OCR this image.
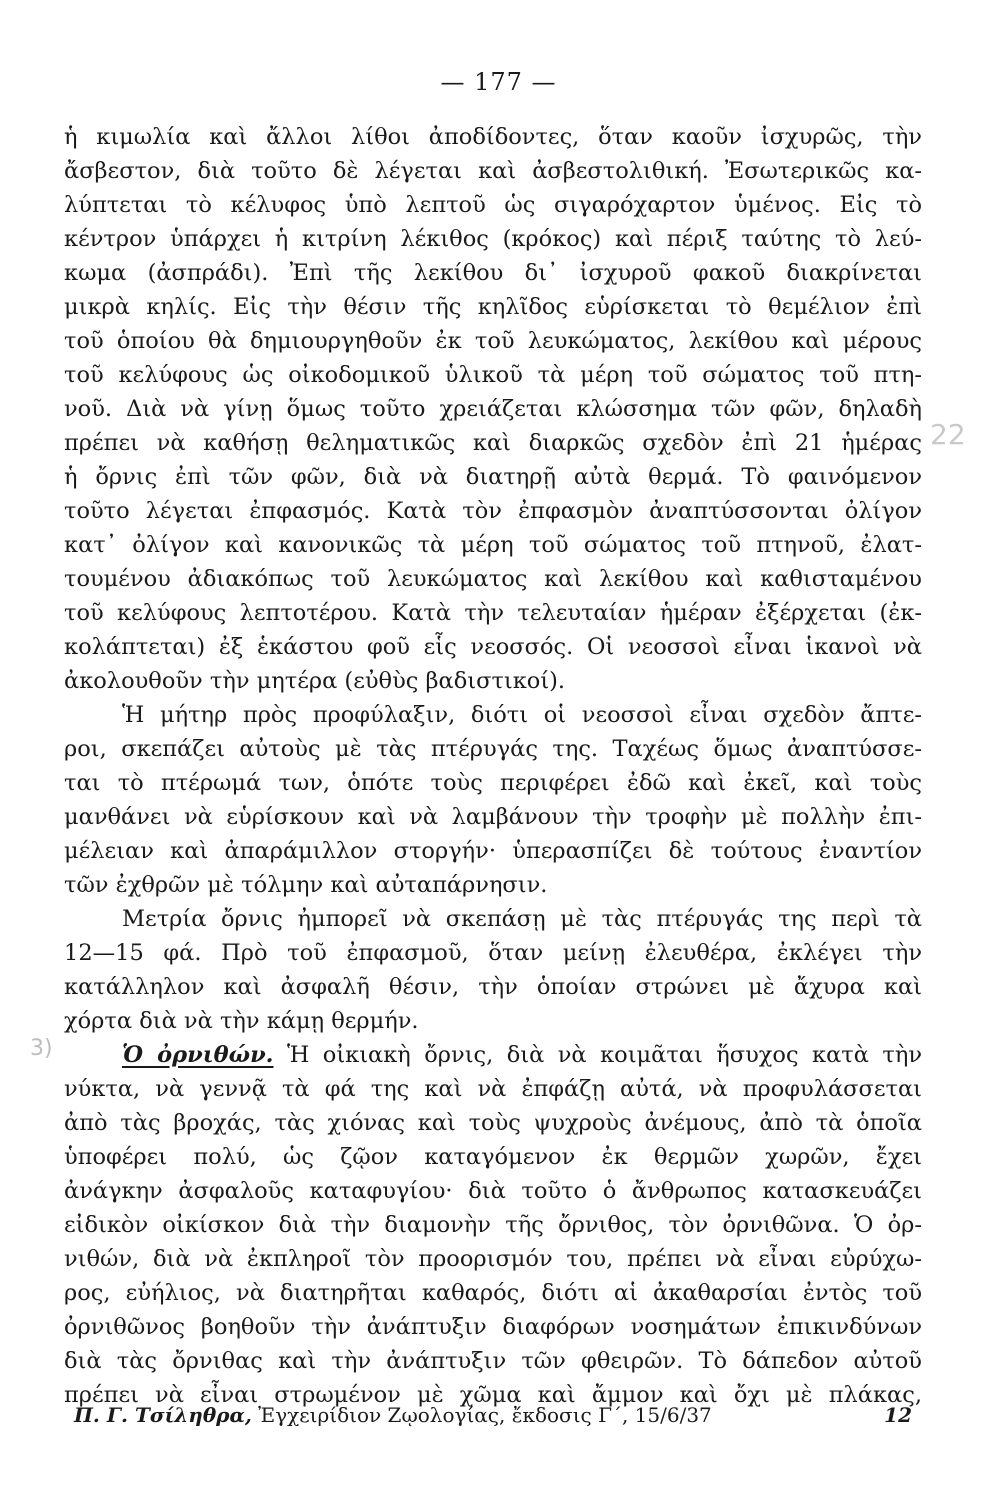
— 177 —
ἡ κιμωλία καὶ ἄλλοι λίθοι ἀποδίδοντες, ὅταν καοῦν ἰσχυρῶς, τὴν
ἄσβεστον, διὰ τοῦτο δὲ λέγεται καὶ ἀσβεστολιθική. Ἐσωτερικῶς κα-
λύπτεται τὸ κέλυφος ὑπὸ λεπτοῦ ὡς σιγαρόχαρτον ὑμένος. Εἰς τὸ
κέντρον ὑπάρχει ἡ κιτρίνη λέκιθος (κρόκος) καὶ πέριξ ταύτης τὸ λεύ-
κωμα (ἀσπράδι). Ἐπὶ τῆς λεκίθου δι᾽ ἰσχυροῦ φακοῦ διακρίνεται
μικρὰ κηλίς. Εἰς τὴν θέσιν τῆς κηλῖδος εὑρίσκεται τὸ θεμέλιον ἐπὶ
τοῦ ὁποίου θὰ δημιουργηθοῦν ἐκ τοῦ λευκώματος, λεκίθου καὶ μέρους
τοῦ κελύφους ὡς οἰκοδομικοῦ ὑλικοῦ τὰ μέρη τοῦ σώματος τοῦ πτη-
νοῦ. Διὰ νὰ γίνῃ ὅμως τοῦτο χρειάζεται κλώσσημα τῶν φῶν, δηλαδὴ
πρέπει νὰ καθήσῃ θεληματικῶς καὶ διαρκῶς σχεδὸν ἐπὶ 21 ἡμέρας
ἡ ὄρνις ἐπὶ τῶν φῶν, διὰ νὰ διατηρῇ αὐτὰ θερμά. Τὸ φαινόμενον
τοῦτο λέγεται ἐπφασμός. Κατὰ τὸν ἐπφασμὸν ἀναπτύσσονται ὀλίγον
κατ᾽ ὀλίγον καὶ κανονικῶς τὰ μέρη τοῦ σώματος τοῦ πτηνοῦ, ἐλατ-
τουμένου ἀδιακόπως τοῦ λευκώματος καὶ λεκίθου καὶ καθισταμένου
τοῦ κελύφους λεπτοτέρου. Κατὰ τὴν τελευταίαν ἡμέραν ἐξέρχεται (ἐκ-
κολάπτεται) ἐξ ἑκάστου φοῦ εἷς νεοσσός. Οἱ νεοσσοὶ εἶναι ἱκανοὶ νὰ
ἀκολουθοῦν τὴν μητέρα (εὐθὺς βαδιστικοί).
Ἡ μήτηρ πρὸς προφύλαξιν, διότι οἱ νεοσσοὶ εἶναι σχεδὸν ἄπτε-
ροι, σκεπάζει αὐτοὺς μὲ τὰς πτέρυγάς της. Ταχέως ὅμως ἀναπτύσσε-
ται τὸ πτέρωμά των, ὁπότε τοὺς περιφέρει ἐδῶ καὶ ἐκεῖ, καὶ τοὺς
μανθάνει νὰ εὑρίσκουν καὶ νὰ λαμβάνουν τὴν τροφὴν μὲ πολλὴν ἐπι-
μέλειαν καὶ ἀπαράμιλλον στοργήν· ὑπερασπίζει δὲ τούτους ἐναντίον
τῶν ἐχθρῶν μὲ τόλμην καὶ αὐταπάρνησιν.
Μετρία ὄρνις ἠμπορεῖ νὰ σκεπάσῃ μὲ τὰς πτέρυγάς της περὶ τὰ
12—15 φά. Πρὸ τοῦ ἐπφασμοῦ, ὅταν μείνῃ ἐλευθέρα, ἐκλέγει τὴν
κατάλληλον καὶ ἀσφαλῆ θέσιν, τὴν ὁποίαν στρώνει μὲ ἄχυρα καὶ
χόρτα διὰ νὰ τὴν κάμῃ θερμήν.
Ὁ ὀρνιθών. Ἡ οἰκιακὴ ὄρνις, διὰ νὰ κοιμᾶται ἥσυχος κατὰ τὴν
νύκτα, νὰ γεννᾷ τὰ φά της καὶ νὰ ἐπφάζῃ αὐτά, νὰ προφυλάσσεται
ἀπὸ τὰς βροχάς, τὰς χιόνας καὶ τοὺς ψυχροὺς ἀνέμους, ἀπὸ τὰ ὁποῖα
ὑποφέρει πολύ, ὡς ζῷον καταγόμενον ἐκ θερμῶν χωρῶν, ἔχει
ἀνάγκην ἀσφαλοῦς καταφυγίου· διὰ τοῦτο ὁ ἄνθρωπος κατασκευάζει
εἰδικὸν οἰκίσκον διὰ τὴν διαμονὴν τῆς ὄρνιθος, τὸν ὀρνιθῶνα. Ὁ ὀρ-
νιθών, διὰ νὰ ἐκπληροῖ τὸν προορισμόν του, πρέπει νὰ εἶναι εὐρύχω-
ρος, εὐήλιος, νὰ διατηρῆται καθαρός, διότι αἱ ἀκαθαρσίαι ἐντὸς τοῦ
ὀρνιθῶνος βοηθοῦν τὴν ἀνάπτυξιν διαφόρων νοσημάτων ἐπικινδύνων
διὰ τὰς ὄρνιθας καὶ τὴν ἀνάπτυξιν τῶν φθειρῶν. Τὸ δάπεδον αὐτοῦ
πρέπει νὰ εἶναι στρωμένον μὲ χῶμα καὶ ἄμμον καὶ ὄχι μὲ πλάκας,
22
3)
Π. Γ. Τσίληθρα, Ἐγχειρίδιον Ζῳολογίας, ἔκδοσις Γ΄, 15/6/37	12
